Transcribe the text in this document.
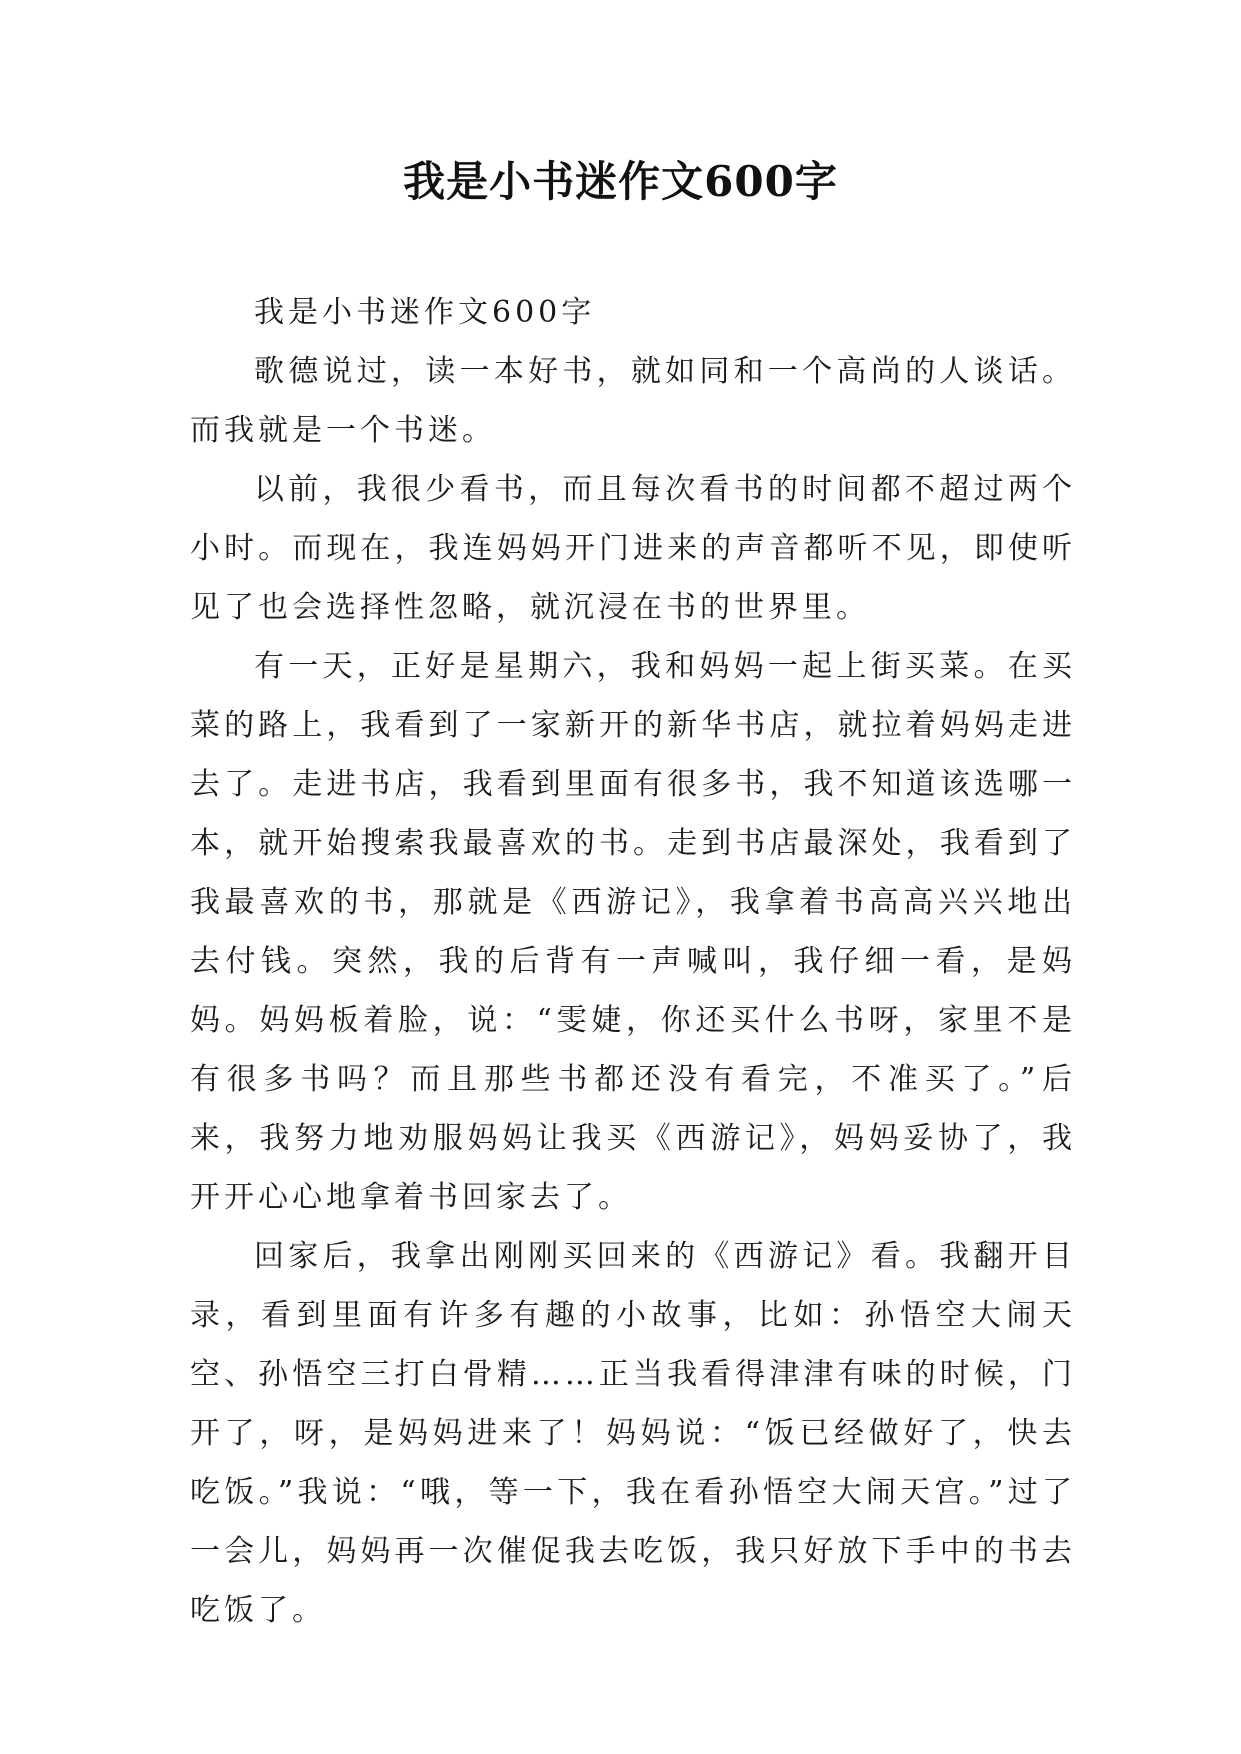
我是小书迷作文600字

我是小书迷作文600字

歌德说过，读一本好书，就如同和一个高尚的人谈话。而我就是一个书迷。

以前，我很少看书，而且每次看书的时间都不超过两个小时。而现在，我连妈妈开门进来的声音都听不见，即使听见了也会选择性忽略，就沉浸在书的世界里。

有一天，正好是星期六，我和妈妈一起上街买菜。在买菜的路上，我看到了一家新开的新华书店，就拉着妈妈走进去了。走进书店，我看到里面有很多书，我不知道该选哪一本，就开始搜索我最喜欢的书。走到书店最深处，我看到了我最喜欢的书，那就是《西游记》，我拿着书高高兴兴地出去付钱。突然，我的后背有一声喊叫，我仔细一看，是妈妈。妈妈板着脸，说：“雯婕，你还买什么书呀，家里不是有很多书吗？而且那些书都还没有看完，不准买了。”后来，我努力地劝服妈妈让我买《西游记》，妈妈妥协了，我开开心心地拿着书回家去了。

回家后，我拿出刚刚买回来的《西游记》看。我翻开目录，看到里面有许多有趣的小故事，比如：孙悟空大闹天空、孙悟空三打白骨精……正当我看得津津有味的时候，门开了，呀，是妈妈进来了！妈妈说：“饭已经做好了，快去吃饭。”我说：“哦，等一下，我在看孙悟空大闹天宫。”过了一会儿，妈妈再一次催促我去吃饭，我只好放下手中的书去吃饭了。
